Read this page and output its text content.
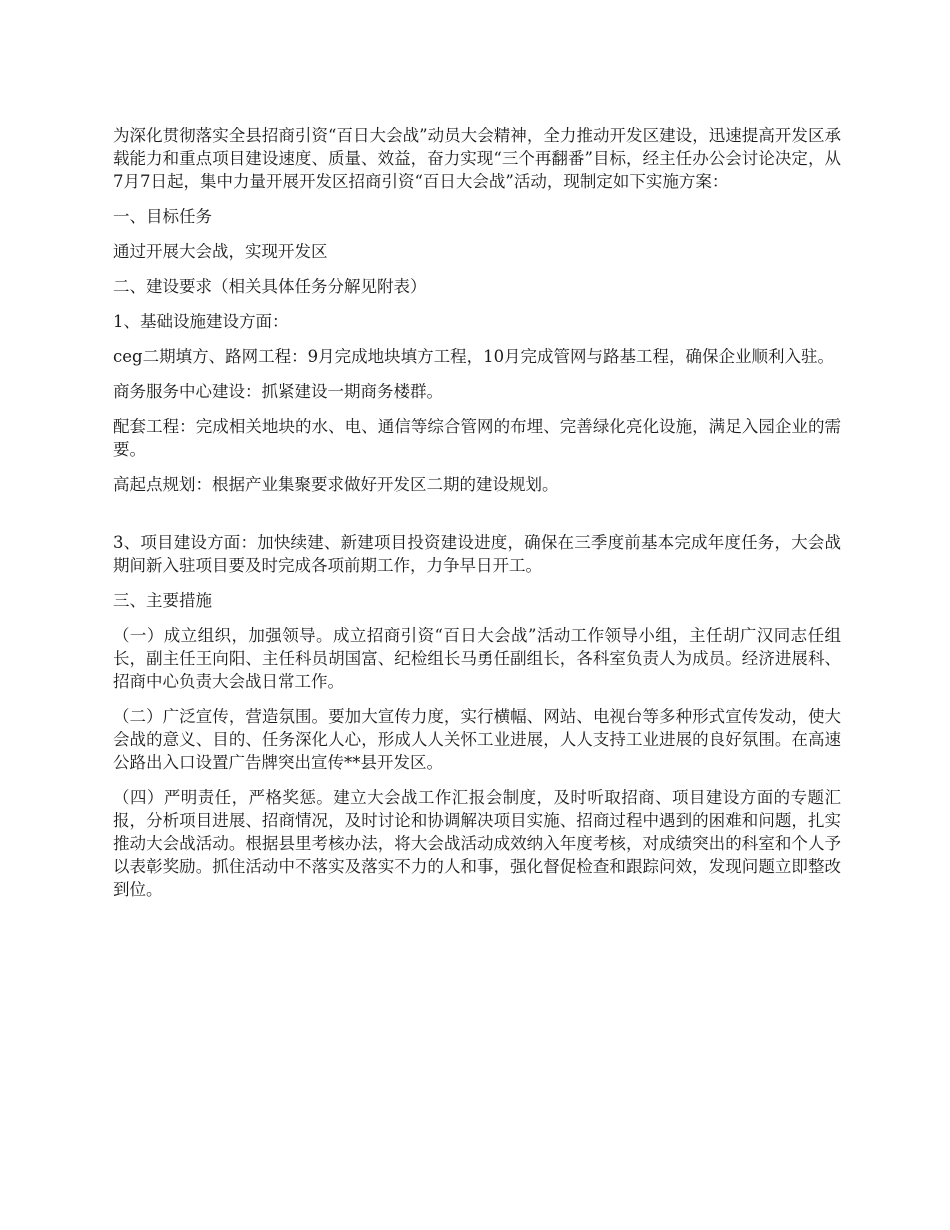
为深化贯彻落实全县招商引资“百日大会战”动员大会精神，全力推动开发区建设，迅速提高开发区承载能力和重点项目建设速度、质量、效益，奋力实现“三个再翻番”目标，经主任办公会讨论决定，从7月7日起，集中力量开展开发区招商引资“百日大会战”活动，现制定如下实施方案：

一、目标任务

通过开展大会战，实现开发区

二、建设要求（相关具体任务分解见附表）

1、基础设施建设方面：

ceg二期填方、路网工程：9月完成地块填方工程，10月完成管网与路基工程，确保企业顺利入驻。

商务服务中心建设：抓紧建设一期商务楼群。

配套工程：完成相关地块的水、电、通信等综合管网的布埋、完善绿化亮化设施，满足入园企业的需要。

高起点规划：根据产业集聚要求做好开发区二期的建设规划。

3、项目建设方面：加快续建、新建项目投资建设进度，确保在三季度前基本完成年度任务，大会战期间新入驻项目要及时完成各项前期工作，力争早日开工。

三、主要措施

（一）成立组织，加强领导。成立招商引资“百日大会战”活动工作领导小组，主任胡广汉同志任组长，副主任王向阳、主任科员胡国富、纪检组长马勇任副组长，各科室负责人为成员。经济进展科、招商中心负责大会战日常工作。

（二）广泛宣传，营造氛围。要加大宣传力度，实行横幅、网站、电视台等多种形式宣传发动，使大会战的意义、目的、任务深化人心，形成人人关怀工业进展，人人支持工业进展的良好氛围。在高速公路出入口设置广告牌突出宣传**县开发区。

（四）严明责任，严格奖惩。建立大会战工作汇报会制度，及时听取招商、项目建设方面的专题汇报，分析项目进展、招商情况，及时讨论和协调解决项目实施、招商过程中遇到的困难和问题，扎实推动大会战活动。根据县里考核办法，将大会战活动成效纳入年度考核，对成绩突出的科室和个人予以表彰奖励。抓住活动中不落实及落实不力的人和事，强化督促检查和跟踪问效，发现问题立即整改到位。
